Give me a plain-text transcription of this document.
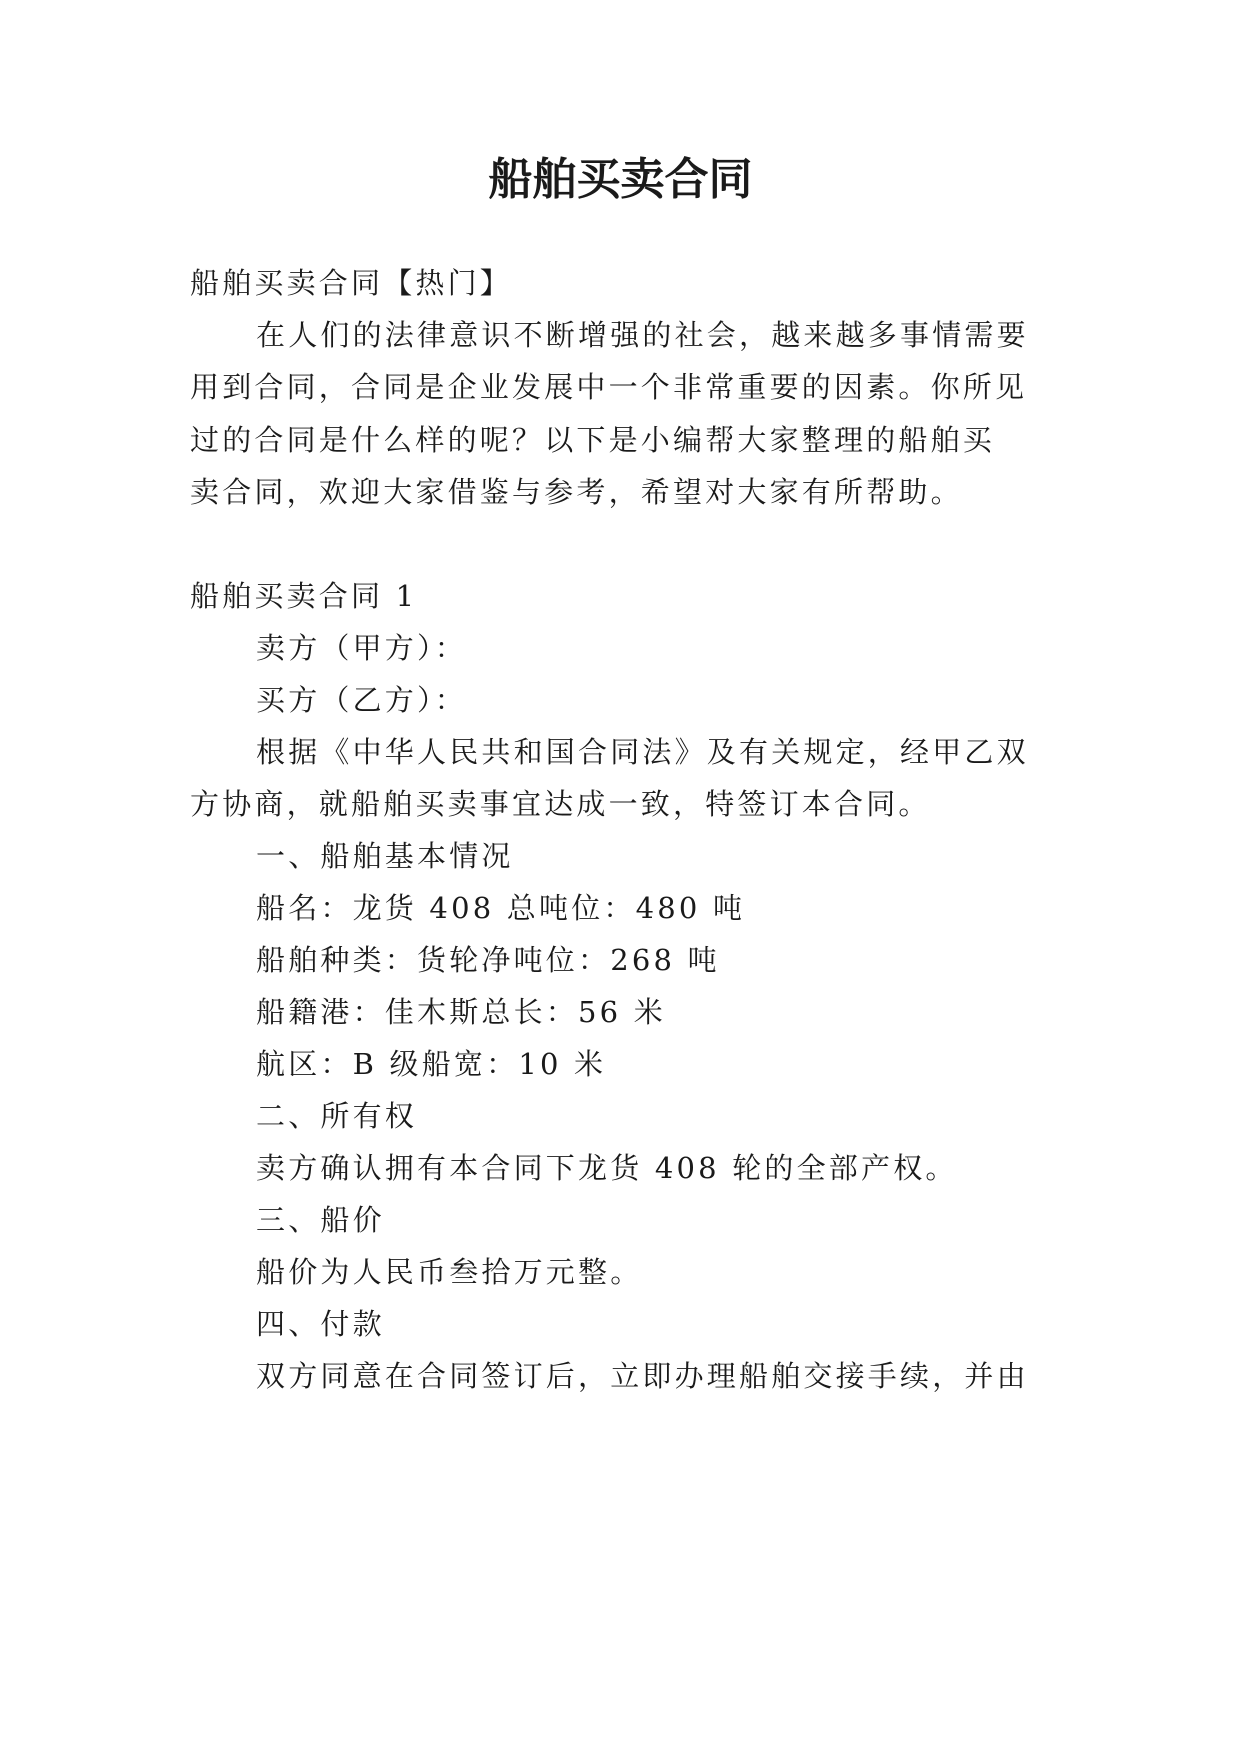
船舶买卖合同
船舶买卖合同【热门】
在人们的法律意识不断增强的社会，越来越多事情需要
用到合同，合同是企业发展中一个非常重要的因素。你所见
过的合同是什么样的呢？以下是小编帮大家整理的船舶买
卖合同，欢迎大家借鉴与参考，希望对大家有所帮助。
船舶买卖合同 1
卖方（甲方）：
买方（乙方）：
根据《中华人民共和国合同法》及有关规定，经甲乙双
方协商，就船舶买卖事宜达成一致，特签订本合同。
一、船舶基本情况
船名：龙货 408 总吨位：480 吨
船舶种类：货轮净吨位：268 吨
船籍港：佳木斯总长：56 米
航区：B 级船宽：10 米
二、所有权
卖方确认拥有本合同下龙货 408 轮的全部产权。
三、船价
船价为人民币叁拾万元整。
四、付款
双方同意在合同签订后，立即办理船舶交接手续，并由
